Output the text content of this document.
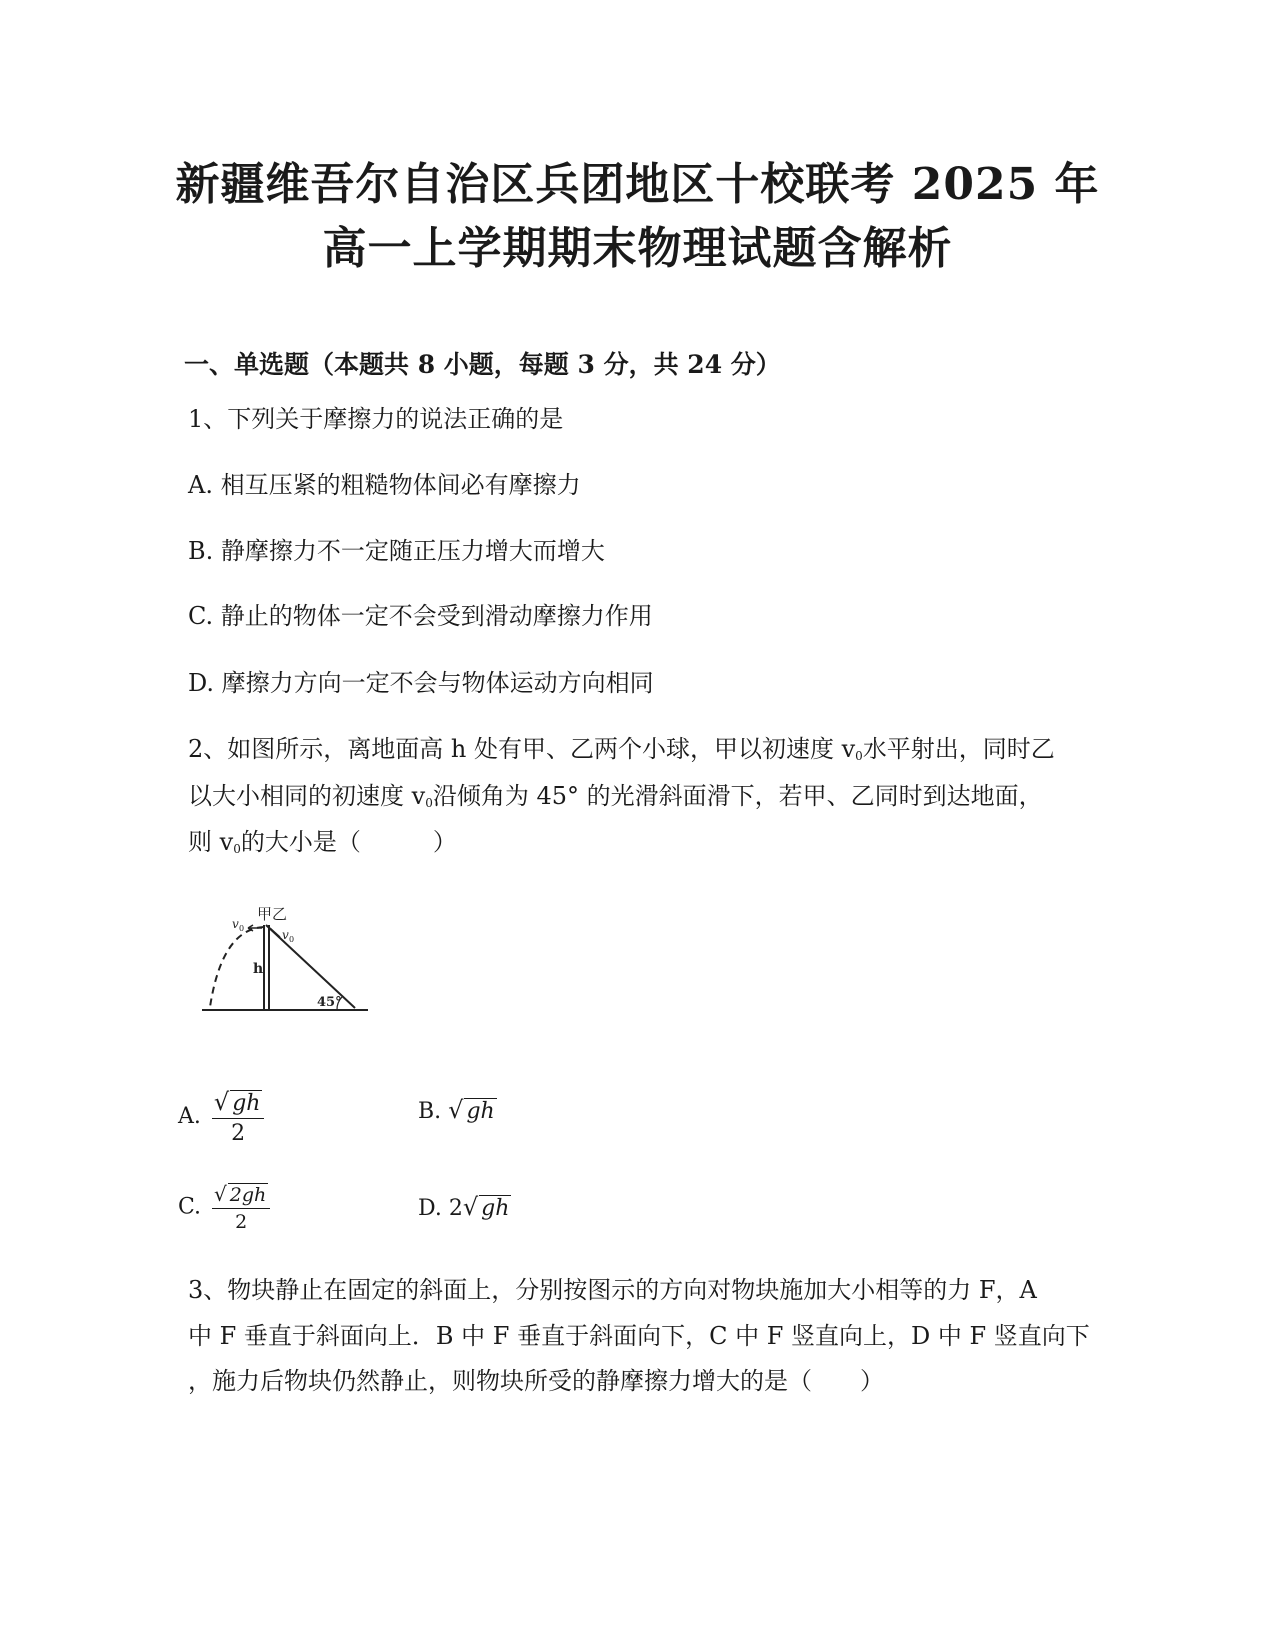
新疆维吾尔自治区兵团地区十校联考 2025 年
高一上学期期末物理试题含解析
一、单选题（本题共 8 小题，每题 3 分，共 24 分）
1、下列关于摩擦力的说法正确的是
A. 相互压紧的粗糙物体间必有摩擦力
B. 静摩擦力不一定随正压力增大而增大
C. 静止的物体一定不会受到滑动摩擦力作用
D. 摩擦力方向一定不会与物体运动方向相同
2、如图所示，离地面高 h 处有甲、乙两个小球，甲以初速度 $v_0$水平射出，同时乙
以大小相同的初速度 $v_0$沿倾角为 45° 的光滑斜面滑下，若甲、乙同时到达地面，
则 $v_0$的大小是（　　　）
甲乙
v 0	v 0
h
45°
A. $\frac{√ gh}{2}$	B. √ gh
C. $\frac{√ 2gh}{2}$	D. 2√ gh
3、物块静止在固定的斜面上，分别按图示的方向对物块施加大小相等的力 F，A
中 F 垂直于斜面向上．B 中 F 垂直于斜面向下，C 中 F 竖直向上，D 中 F 竖直向下
，施力后物块仍然静止，则物块所受的静摩擦力增大的是（　　）
